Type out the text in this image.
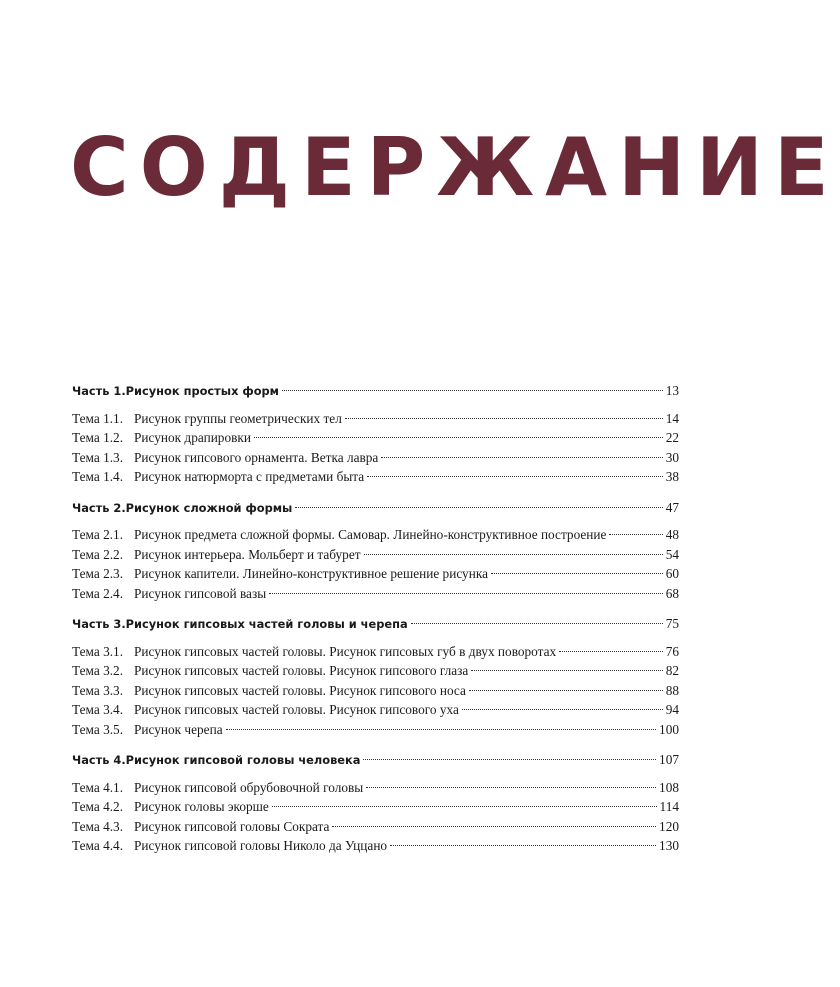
СОДЕРЖАНИЕ
Часть 1.Рисунок простых форм	13
Тема 1.1. Рисунок группы геометрических тел	14
Тема 1.2. Рисунок драпировки	22
Тема 1.3. Рисунок гипсового орнамента. Ветка лавра	30
Тема 1.4. Рисунок натюрморта с предметами быта	38
Часть 2.Рисунок сложной формы	47
Тема 2.1. Рисунок предмета сложной формы. Самовар. Линейно-конструктивное построение	48
Тема 2.2. Рисунок интерьера. Мольберт и табурет	54
Тема 2.3. Рисунок капители. Линейно-конструктивное решение рисунка	60
Тема 2.4. Рисунок гипсовой вазы	68
Часть 3.Рисунок гипсовых частей головы и черепа	75
Тема 3.1. Рисунок гипсовых частей головы. Рисунок гипсовых губ в двух поворотах	76
Тема 3.2. Рисунок гипсовых частей головы. Рисунок гипсового глаза	82
Тема 3.3. Рисунок гипсовых частей головы. Рисунок гипсового носа	88
Тема 3.4. Рисунок гипсовых частей головы. Рисунок гипсового уха	94
Тема 3.5. Рисунок черепа	100
Часть 4.Рисунок гипсовой головы человека	107
Тема 4.1. Рисунок гипсовой обрубовочной головы	108
Тема 4.2. Рисунок головы экорше	114
Тема 4.3. Рисунок гипсовой головы Сократа	120
Тема 4.4. Рисунок гипсовой головы Николо да Уццано	130
